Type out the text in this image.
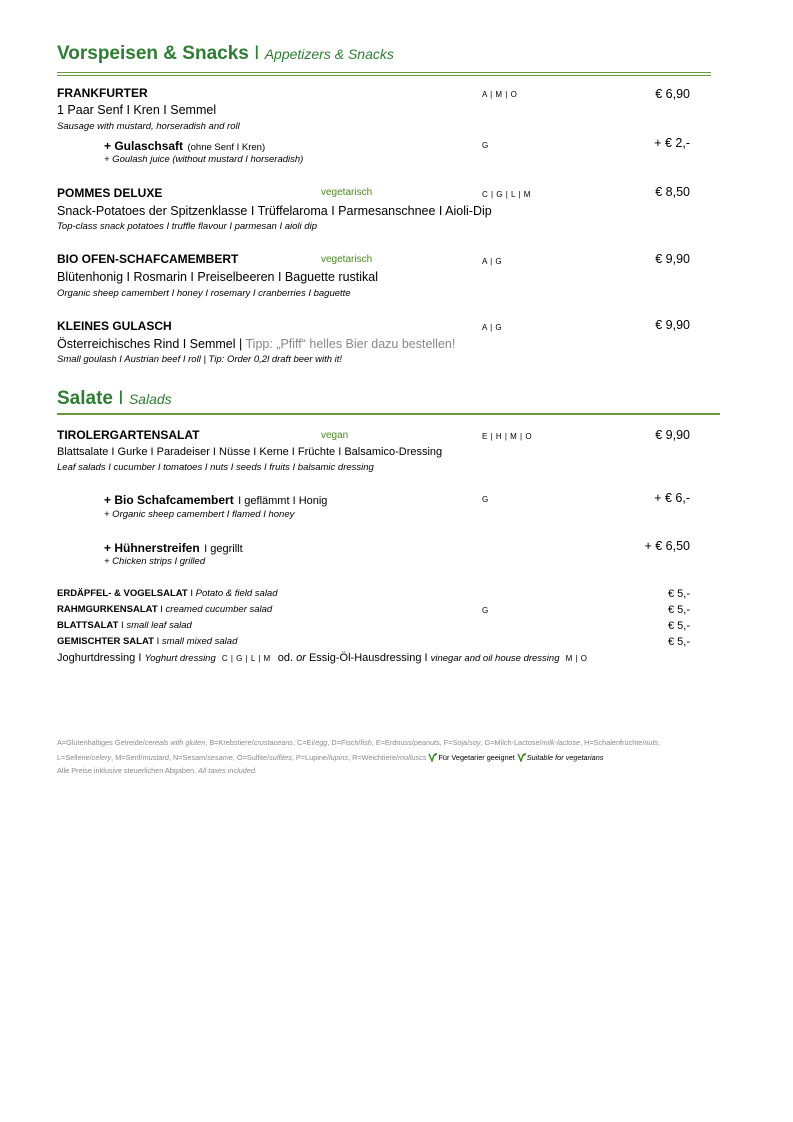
Vorspeisen & Snacks I Appetizers & Snacks
FRANKFURTER	A | M | O	€ 6,90
1 Paar Senf I Kren I Semmel
Sausage with mustard, horseradish and roll
+ Gulaschsaft (ohne Senf I Kren)	G	+ € 2,-
+ Goulash juice (without mustard I horseradish)
POMMES DELUXE	vegetarisch	C | G | L | M	€ 8,50
Snack-Potatoes der Spitzenklasse I Trüffelaroma I Parmesanschnee I Aioli-Dip
Top-class snack potatoes I truffle flavour I parmesan I aioli dip
BIO OFEN-SCHAFCAMEMBERT	vegetarisch	A | G	€ 9,90
Blütenhonig I Rosmarin I Preiselbeeren I Baguette rustikal
Organic sheep camembert I honey I rosemary I cranberries I baguette
KLEINES GULASCH	A | G	€ 9,90
Österreichisches Rind I Semmel | Tipp: „Pfiff“ helles Bier dazu bestellen!
Small goulash I Austrian beef I roll | Tip: Order 0,2l draft beer with it!
Salate I Salads
TIROLERGARTENSALAT	vegan	E | H | M | O	€ 9,90
Blattsalate I Gurke I Paradeiser I Nüsse I Kerne I Früchte I Balsamico-Dressing
Leaf salads I cucumber I tomatoes I nuts I seeds I fruits I balsamic dressing
+ Bio Schafcamembert I geflämmt I Honig	G	+ € 6,-
+ Organic sheep camembert I flamed I honey
+ Hühnerstreifen I gegrillt	+ € 6,50
+ Chicken strips I grilled
ERDÄPFEL- & VOGELSALAT I Potato & field salad	€ 5,-
RAHMGURKENSALAT I creamed cucumber salad	G	€ 5,-
BLATTSALAT I small leaf salad	€ 5,-
GEMISCHTER SALAT I small mixed salad	€ 5,-
Joghurtdressing I Yoghurt dressing C | G | L | M od. or Essig-Öl-Hausdressing I vinegar and oil house dressing M | O
A=Glutenhaltiges Getreide/cereals with gluten, B=Krebstiere/crustaceans, C=Ei/egg, D=Fisch/fish, E=Erdnuss/peanuts, F=Soja/soy, G=Milch-Lactose/milk-lactose, H=Schalenfrüchte/nuts,
L=Sellerie/celery, M=Senf/mustard, N=Sesam/sesame, O=Sulfite/sulfites, P=Lupine/lupins, R=Weichtiere/molluscs Für Vegetarier geeignet Suitable for vegetarians
Alle Preise inklusive steuerlichen Abgaben. All taxes included.
